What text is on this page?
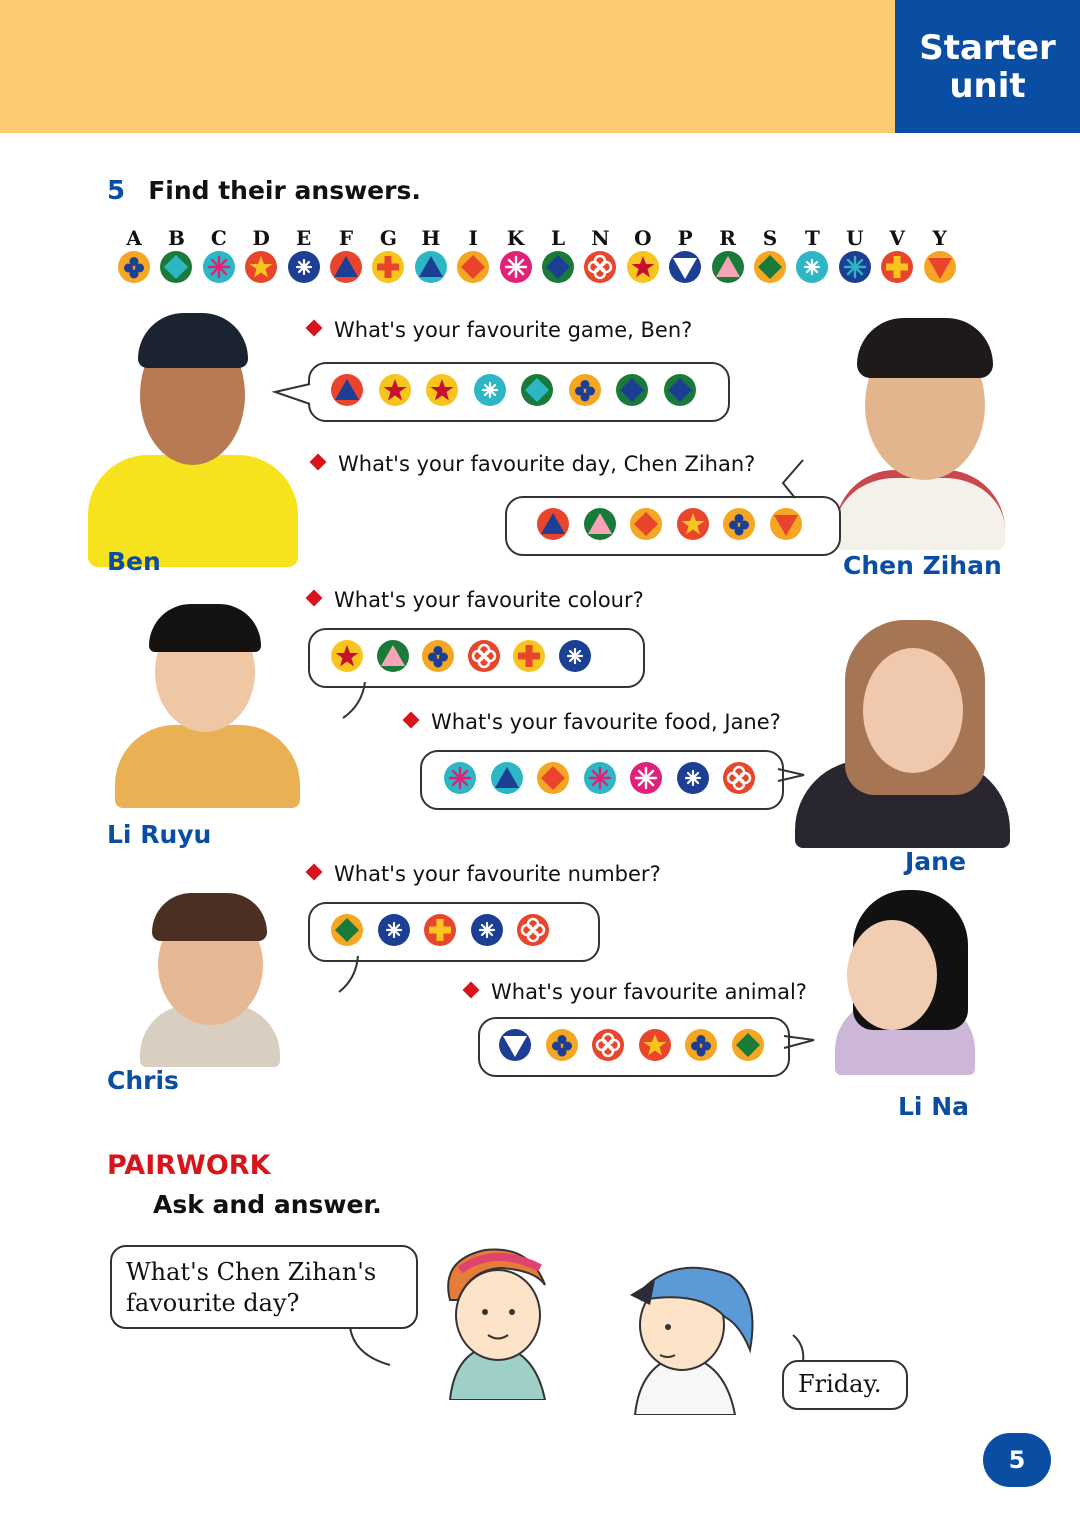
Starter
unit
5 Find their answers.
A	B	C	D	E	F	G	H	I	K	L	N	O	P	R	S	T	U	V	Y
Ben	Chen Zihan
Li Ruyu
Jane
Chris
Li Na
What's your favourite game, Ben?
What's your favourite day, Chen Zihan?
What's your favourite colour?
What's your favourite food, Jane?
What's your favourite number?
What's your favourite animal?
PAIRWORK
Ask and answer.
What's Chen Zihan's
favourite day?
Friday.
5
